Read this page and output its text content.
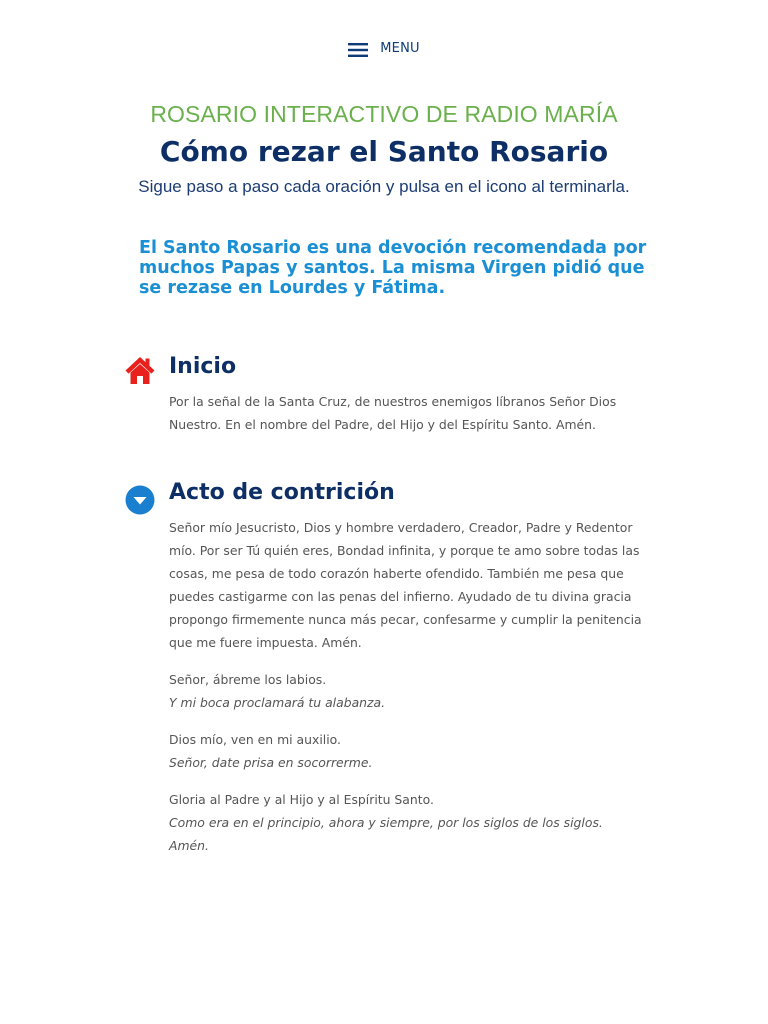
MENU

ROSARIO INTERACTIVO DE RADIO MARÍA

Cómo rezar el Santo Rosario

Sigue paso a paso cada oración y pulsa en el icono al terminarla.

El Santo Rosario es una devoción recomendada por muchos Papas y santos. La misma Virgen pidió que se rezase en Lourdes y Fátima.

Inicio

Por la señal de la Santa Cruz, de nuestros enemigos líbranos Señor Dios Nuestro. En el nombre del Padre, del Hijo y del Espíritu Santo. Amén.

Acto de contrición

Señor mío Jesucristo, Dios y hombre verdadero, Creador, Padre y Redentor mío. Por ser Tú quién eres, Bondad infinita, y porque te amo sobre todas las cosas, me pesa de todo corazón haberte ofendido. También me pesa que puedes castigarme con las penas del infierno. Ayudado de tu divina gracia propongo firmemente nunca más pecar, confesarme y cumplir la penitencia que me fuere impuesta. Amén.

Señor, ábreme los labios.
Y mi boca proclamará tu alabanza.

Dios mío, ven en mi auxilio.
Señor, date prisa en socorrerme.

Gloria al Padre y al Hijo y al Espíritu Santo.
Como era en el principio, ahora y siempre, por los siglos de los siglos. Amén.
